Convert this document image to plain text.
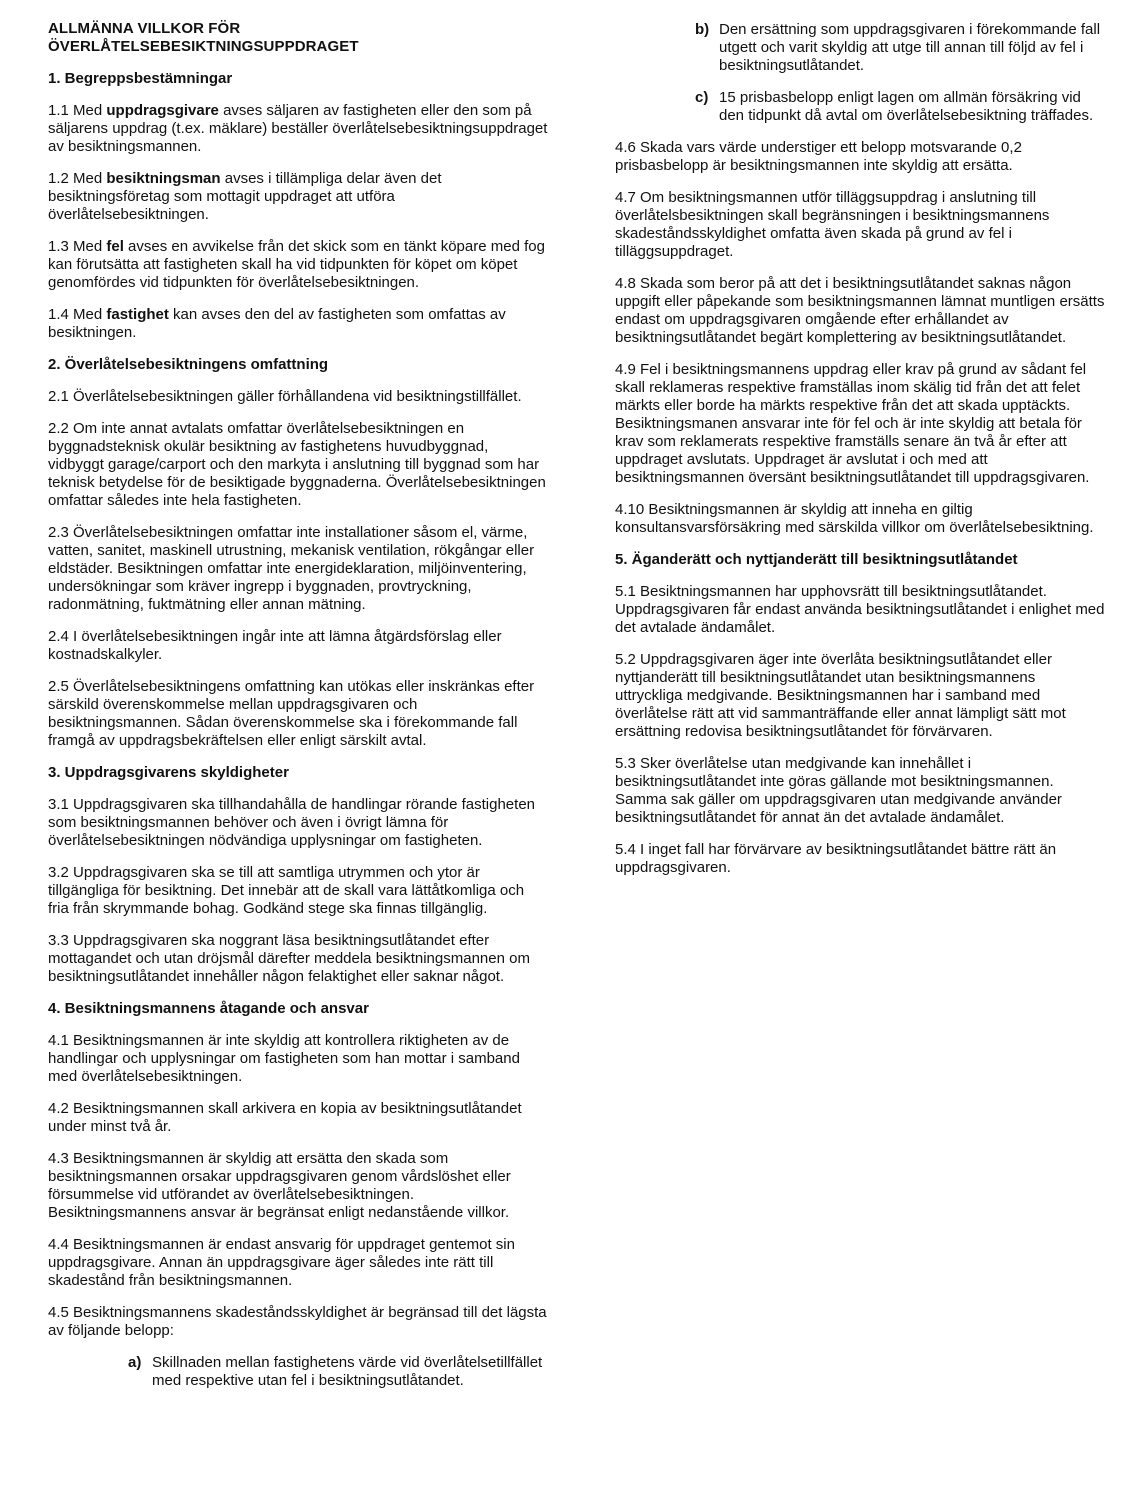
ALLMÄNNA VILLKOR FÖR
ÖVERLÅTELSEBESIKTNINGSUPPDRAGET
1. Begreppsbestämningar

1.1 Med uppdragsgivare avses säljaren av fastigheten eller den som på säljarens uppdrag (t.ex. mäklare) beställer överlåtelsebesiktningsuppdraget av besiktningsmannen.

1.2 Med besiktningsman avses i tillämpliga delar även det besiktningsföretag som mottagit uppdraget att utföra överlåtelsebesiktningen.

1.3 Med fel avses en avvikelse från det skick som en tänkt köpare med fog kan förutsätta att fastigheten skall ha vid tidpunkten för köpet om köpet genomfördes vid tidpunkten för överlåtelsebesiktningen.

1.4 Med fastighet kan avses den del av fastigheten som omfattas av besiktningen.

2. Överlåtelsebesiktningens omfattning

2.1 Överlåtelsebesiktningen gäller förhållandena vid besiktningstillfället.

2.2 Om inte annat avtalats omfattar överlåtelsebesiktningen en byggnadsteknisk okulär besiktning av fastighetens huvudbyggnad, vidbyggt garage/carport och den markyta i anslutning till byggnad som har teknisk betydelse för de besiktigade byggnaderna. Överlåtelsebesiktningen omfattar således inte hela fastigheten.

2.3 Överlåtelsebesiktningen omfattar inte installationer såsom el, värme, vatten, sanitet, maskinell utrustning, mekanisk ventilation, rökgångar eller eldstäder. Besiktningen omfattar inte energideklaration, miljöinventering, undersökningar som kräver ingrepp i byggnaden, provtryckning, radonmätning, fuktmätning eller annan mätning.

2.4 I överlåtelsebesiktningen ingår inte att lämna åtgärdsförslag eller kostnadskalkyler.

2.5 Överlåtelsebesiktningens omfattning kan utökas eller inskränkas efter särskild överenskommelse mellan uppdragsgivaren och besiktningsmannen. Sådan överenskommelse ska i förekommande fall framgå av uppdragsbekräftelsen eller enligt särskilt avtal.

3. Uppdragsgivarens skyldigheter

3.1 Uppdragsgivaren ska tillhandahålla de handlingar rörande fastigheten som besiktningsmannen behöver och även i övrigt lämna för överlåtelsebesiktningen nödvändiga upplysningar om fastigheten.

3.2 Uppdragsgivaren ska se till att samtliga utrymmen och ytor är tillgängliga för besiktning. Det innebär att de skall vara lättåtkomliga och fria från skrymmande bohag. Godkänd stege ska finnas tillgänglig.

3.3 Uppdragsgivaren ska noggrant läsa besiktningsutlåtandet efter mottagandet och utan dröjsmål därefter meddela besiktningsmannen om besiktningsutlåtandet innehåller någon felaktighet eller saknar något.

4. Besiktningsmannens åtagande och ansvar

4.1 Besiktningsmannen är inte skyldig att kontrollera riktigheten av de handlingar och upplysningar om fastigheten som han mottar i samband med överlåtelsebesiktningen.

4.2 Besiktningsmannen skall arkivera en kopia av besiktningsutlåtandet under minst två år.

4.3 Besiktningsmannen är skyldig att ersätta den skada som besiktningsmannen orsakar uppdragsgivaren genom vårdslöshet eller försummelse vid utförandet av överlåtelsebesiktningen. Besiktningsmannens ansvar är begränsat enligt nedanstående villkor.

4.4 Besiktningsmannen är endast ansvarig för uppdraget gentemot sin uppdragsgivare. Annan än uppdragsgivare äger således inte rätt till skadestånd från besiktningsmannen.

4.5 Besiktningsmannens skadeståndsskyldighet är begränsad till det lägsta av följande belopp:

a) Skillnaden mellan fastighetens värde vid överlåtelsetillfället med respektive utan fel i besiktningsutlåtandet.
b) Den ersättning som uppdragsgivaren i förekommande fall utgett och varit skyldig att utge till annan till följd av fel i besiktningsutlåtandet.
c) 15 prisbasbelopp enligt lagen om allmän försäkring vid den tidpunkt då avtal om överlåtelsebesiktning träffades.

4.6 Skada vars värde understiger ett belopp motsvarande 0,2 prisbasbelopp är besiktningsmannen inte skyldig att ersätta.

4.7 Om besiktningsmannen utför tilläggsuppdrag i anslutning till överlåtelsbesiktningen skall begränsningen i besiktningsmannens skadeståndsskyldighet omfatta även skada på grund av fel i tilläggsuppdraget.

4.8 Skada som beror på att det i besiktningsutlåtandet saknas någon uppgift eller påpekande som besiktningsmannen lämnat muntligen ersätts endast om uppdragsgivaren omgående efter erhållandet av besiktningsutlåtandet begärt komplettering av besiktningsutlåtandet.

4.9 Fel i besiktningsmannens uppdrag eller krav på grund av sådant fel skall reklameras respektive framställas inom skälig tid från det att felet märkts eller borde ha märkts respektive från det att skada upptäckts. Besiktningsmanen ansvarar inte för fel och är inte skyldig att betala för krav som reklamerats respektive framställs senare än två år efter att uppdraget avslutats. Uppdraget är avslutat i och med att besiktningsmannen översänt besiktningsutlåtandet till uppdragsgivaren.

4.10 Besiktningsmannen är skyldig att inneha en giltig konsultansvarsförsäkring med särskilda villkor om överlåtelsebesiktning.

5. Äganderätt och nyttjanderätt till besiktningsutlåtandet

5.1 Besiktningsmannen har upphovsrätt till besiktningsutlåtandet. Uppdragsgivaren får endast använda besiktningsutlåtandet i enlighet med det avtalade ändamålet.

5.2 Uppdragsgivaren äger inte överlåta besiktningsutlåtandet eller nyttjanderätt till besiktningsutlåtandet utan besiktningsmannens uttryckliga medgivande. Besiktningsmannen har i samband med överlåtelse rätt att vid sammanträffande eller annat lämpligt sätt mot ersättning redovisa besiktningsutlåtandet för förvärvaren.

5.3 Sker överlåtelse utan medgivande kan innehållet i besiktningsutlåtandet inte göras gällande mot besiktningsmannen. Samma sak gäller om uppdragsgivaren utan medgivande använder besiktningsutlåtandet för annat än det avtalade ändamålet.

5.4 I inget fall har förvärvare av besiktningsutlåtandet bättre rätt än uppdragsgivaren.
